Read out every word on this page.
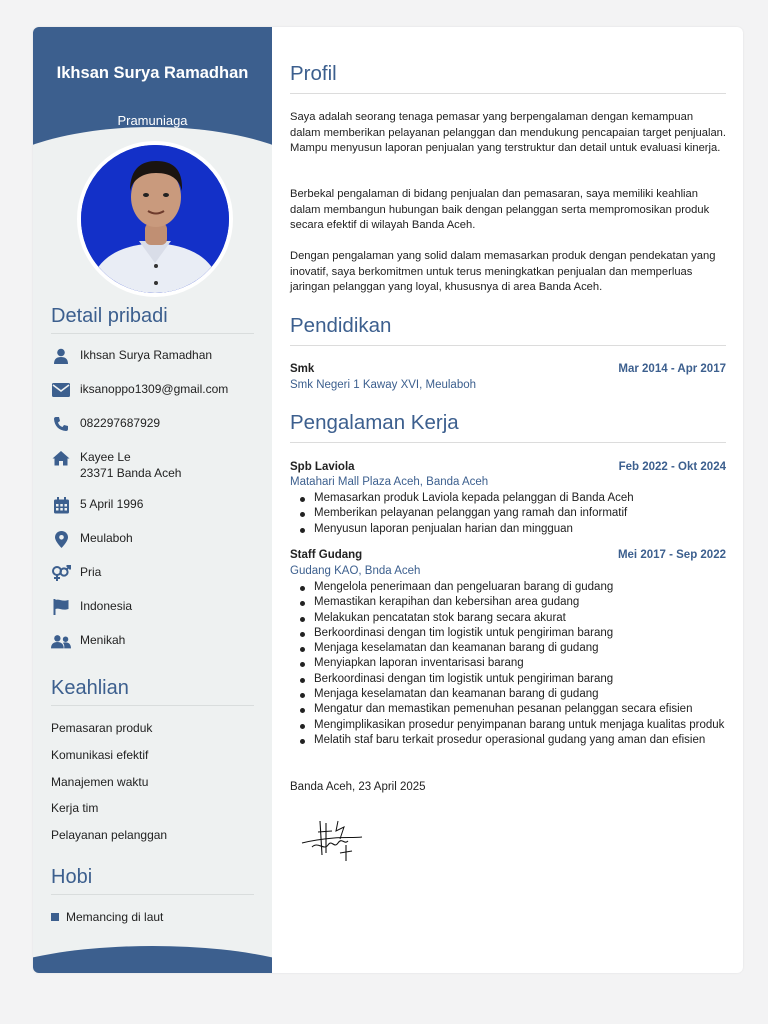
Ikhsan Surya Ramadhan
Pramuniaga
Detail pribadi
Ikhsan Surya Ramadhan
iksanoppo1309@gmail.com
082297687929
Kayee Le
23371 Banda Aceh
5 April 1996
Meulaboh
Pria
Indonesia
Menikah
Keahlian
Pemasaran produk
Komunikasi efektif
Manajemen waktu
Kerja tim
Pelayanan pelanggan
Hobi
Memancing di laut
Profil
Saya adalah seorang tenaga pemasar yang berpengalaman dengan kemampuan dalam memberikan pelayanan pelanggan dan mendukung pencapaian target penjualan. Mampu menyusun laporan penjualan yang terstruktur dan detail untuk evaluasi kinerja.
Berbekal pengalaman di bidang penjualan dan pemasaran, saya memiliki keahlian dalam membangun hubungan baik dengan pelanggan serta mempromosikan produk secara efektif di wilayah Banda Aceh.
Dengan pengalaman yang solid dalam memasarkan produk dengan pendekatan yang inovatif, saya berkomitmen untuk terus meningkatkan penjualan dan memperluas jaringan pelanggan yang loyal, khususnya di area Banda Aceh.
Pendidikan
Smk	Mar 2014 - Apr 2017
Smk Negeri 1 Kaway XVI, Meulaboh
Pengalaman Kerja
Spb Laviola	Feb 2022 - Okt 2024
Matahari Mall Plaza Aceh, Banda Aceh
Memasarkan produk Laviola kepada pelanggan di Banda Aceh
Memberikan pelayanan pelanggan yang ramah dan informatif
Menyusun laporan penjualan harian dan mingguan
Staff Gudang	Mei 2017 - Sep 2022
Gudang KAO, Bnda Aceh
Mengelola penerimaan dan pengeluaran barang di gudang
Memastikan kerapihan dan kebersihan area gudang
Melakukan pencatatan stok barang secara akurat
Berkoordinasi dengan tim logistik untuk pengiriman barang
Menjaga keselamatan dan keamanan barang di gudang
Menyiapkan laporan inventarisasi barang
Berkoordinasi dengan tim logistik untuk pengiriman barang
Menjaga keselamatan dan keamanan barang di gudang
Mengatur dan memastikan pemenuhan pesanan pelanggan secara efisien
Mengimplikasikan prosedur penyimpanan barang untuk menjaga kualitas produk
Melatih staf baru terkait prosedur operasional gudang yang aman dan efisien
Banda Aceh, 23 April 2025
